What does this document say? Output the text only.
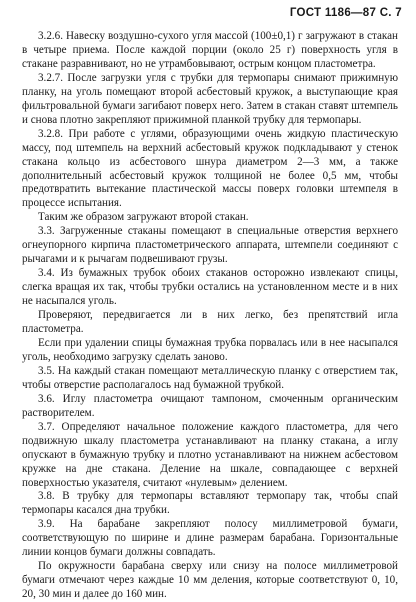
ГОСТ 1186—87 С. 7

3.2.6. Навеску воздушно-сухого угля массой (100±0,1) г загружают в стакан в четыре приема. После каждой порции (около 25 г) поверхность угля в стакане разравнивают, но не утрамбовывают, острым концом пластометра.

3.2.7. После загрузки угля с трубки для термопары снимают прижимную планку, на уголь помещают второй асбестовый кружок, а выступающие края фильтровальной бумаги загибают поверх него. Затем в стакан ставят штемпель и снова плотно закрепляют прижимной планкой трубку для термопары.

3.2.8. При работе с углями, образующими очень жидкую пластическую массу, под штемпель на верхний асбестовый кружок подкладывают у стенок стакана кольцо из асбестового шнура диаметром 2—3 мм, а также дополнительный асбестовый кружок толщиной не более 0,5 мм, чтобы предотвратить вытекание пластической массы поверх головки штемпеля в процессе испытания.

Таким же образом загружают второй стакан.

3.3. Загруженные стаканы помещают в специальные отверстия верхнего огнеупорного кирпича пластометрического аппарата, штемпели соединяют с рычагами и к рычагам подвешивают грузы.

3.4. Из бумажных трубок обоих стаканов осторожно извлекают спицы, слегка вращая их так, чтобы трубки остались на установленном месте и в них не насыпался уголь.

Проверяют, передвигается ли в них легко, без препятствий игла пластометра.

Если при удалении спицы бумажная трубка порвалась или в нее насыпался уголь, необходимо загрузку сделать заново.

3.5. На каждый стакан помещают металлическую планку с отверстием так, чтобы отверстие располагалось над бумажной трубкой.

3.6. Иглу пластометра очищают тампоном, смоченным органическим растворителем.

3.7. Определяют начальное положение каждого пластометра, для чего подвижную шкалу пластометра устанавливают на планку стакана, а иглу опускают в бумажную трубку и плотно устанавливают на нижнем асбестовом кружке на дне стакана. Деление на шкале, совпадающее с верхней поверхностью указателя, считают «нулевым» делением.

3.8. В трубку для термопары вставляют термопару так, чтобы спай термопары касался дна трубки.

3.9. На барабане закрепляют полосу миллиметровой бумаги, соответствующую по ширине и длине размерам барабана. Горизонтальные линии концов бумаги должны совпадать.

По окружности барабана сверху или снизу на полосе миллиметровой бумаги отмечают через каждые 10 мм деления, которые соответствуют 0, 10, 20, 30 мин и далее до 160 мин.
